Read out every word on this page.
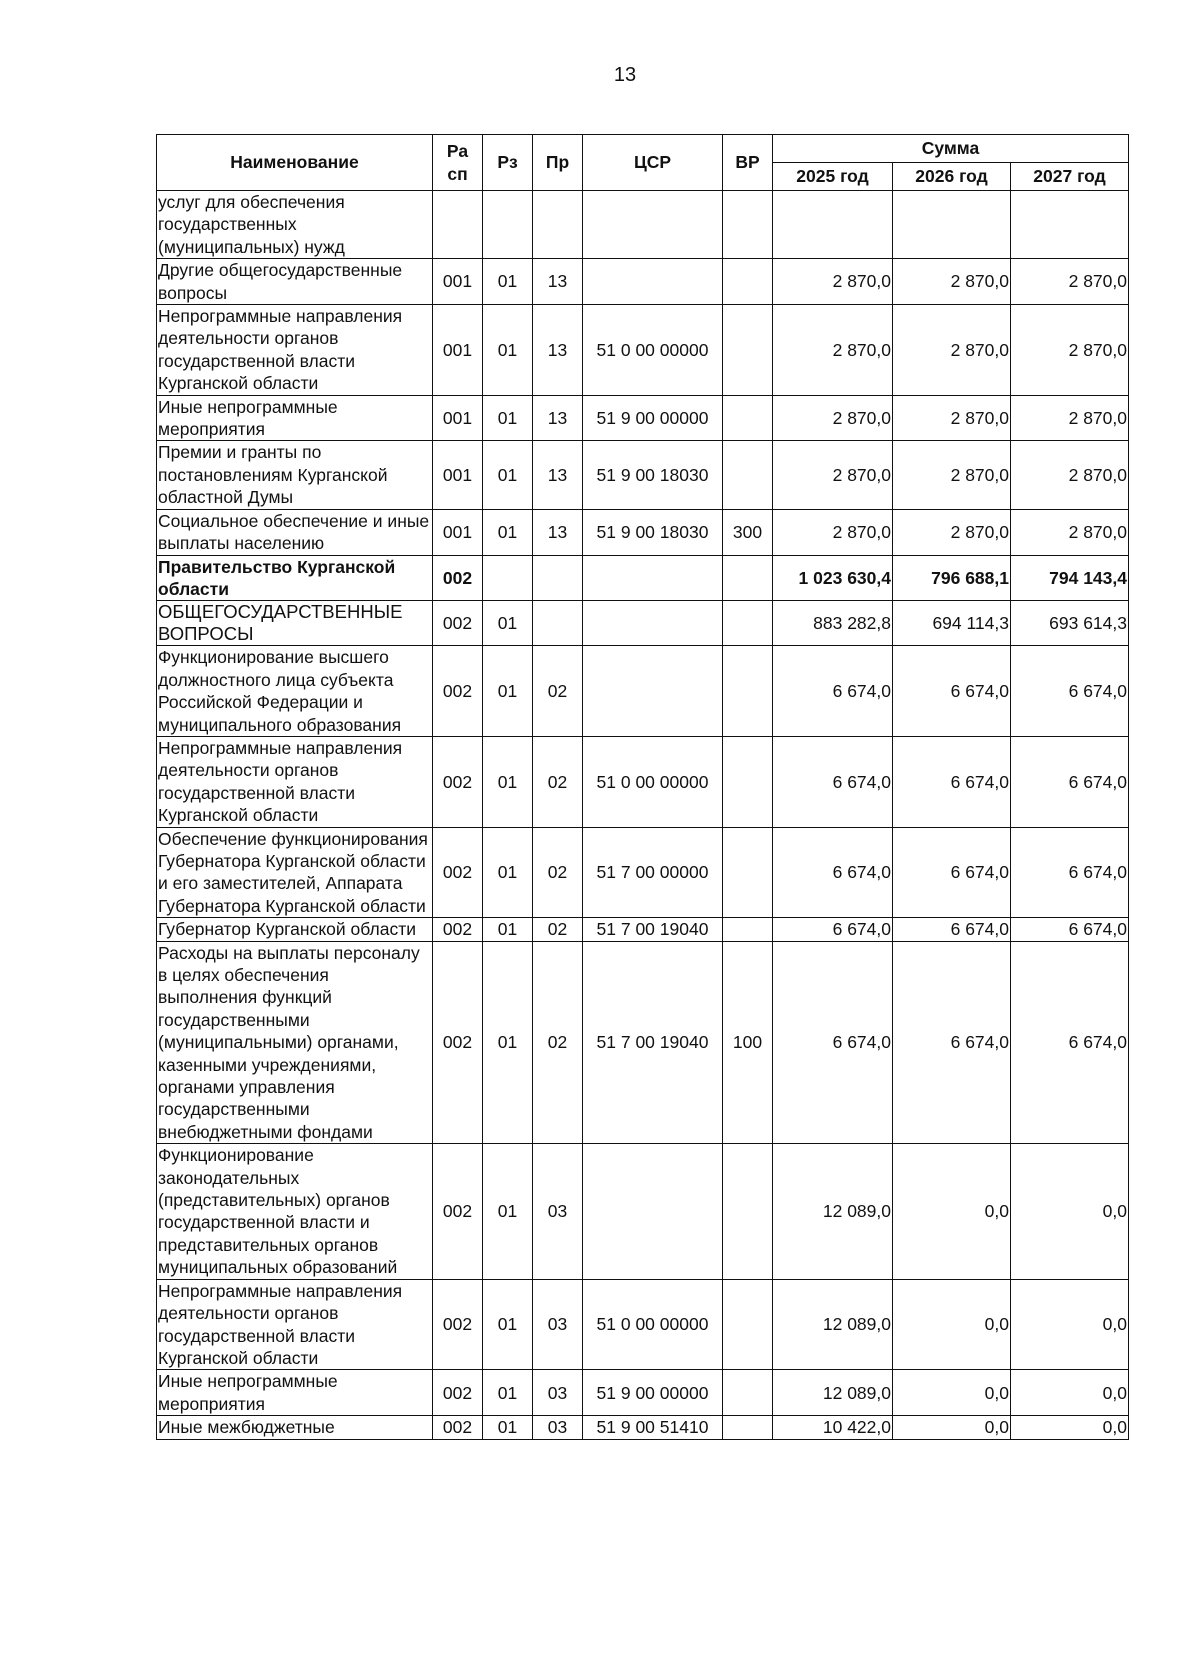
13
Наименование	Ра сп	Рз	Пр	ЦСР	ВР	Сумма		
						2025 год	2026 год	2027 год
услуг для обеспечения государственных (муниципальных) нужд								
Другие общегосударственные вопросы	001	01	13			2 870,0	2 870,0	2 870,0
Непрограммные направления деятельности органов государственной власти Курганской области	001	01	13	51 0 00 00000		2 870,0	2 870,0	2 870,0
Иные непрограммные мероприятия	001	01	13	51 9 00 00000		2 870,0	2 870,0	2 870,0
Премии и гранты по постановлениям Курганской областной Думы	001	01	13	51 9 00 18030		2 870,0	2 870,0	2 870,0
Социальное обеспечение и иные выплаты населению	001	01	13	51 9 00 18030	300	2 870,0	2 870,0	2 870,0
Правительство Курганской области	002					1 023 630,4	796 688,1	794 143,4
ОБЩЕГОСУДАРСТВЕННЫЕ ВОПРОСЫ	002	01				883 282,8	694 114,3	693 614,3
Функционирование высшего должностного лица субъекта Российской Федерации и муниципального образования	002	01	02			6 674,0	6 674,0	6 674,0
Непрограммные направления деятельности органов государственной власти Курганской области	002	01	02	51 0 00 00000		6 674,0	6 674,0	6 674,0
Обеспечение функционирования Губернатора Курганской области и его заместителей, Аппарата Губернатора Курганской области	002	01	02	51 7 00 00000		6 674,0	6 674,0	6 674,0
Губернатор Курганской области	002	01	02	51 7 00 19040		6 674,0	6 674,0	6 674,0
Расходы на выплаты персоналу в целях обеспечения выполнения функций государственными (муниципальными) органами, казенными учреждениями, органами управления государственными внебюджетными фондами	002	01	02	51 7 00 19040	100	6 674,0	6 674,0	6 674,0
Функционирование законодательных (представительных) органов государственной власти и представительных органов муниципальных образований	002	01	03			12 089,0	0,0	0,0
Непрограммные направления деятельности органов государственной власти Курганской области	002	01	03	51 0 00 00000		12 089,0	0,0	0,0
Иные непрограммные мероприятия	002	01	03	51 9 00 00000		12 089,0	0,0	0,0
Иные межбюджетные	002	01	03	51 9 00 51410		10 422,0	0,0	0,0
